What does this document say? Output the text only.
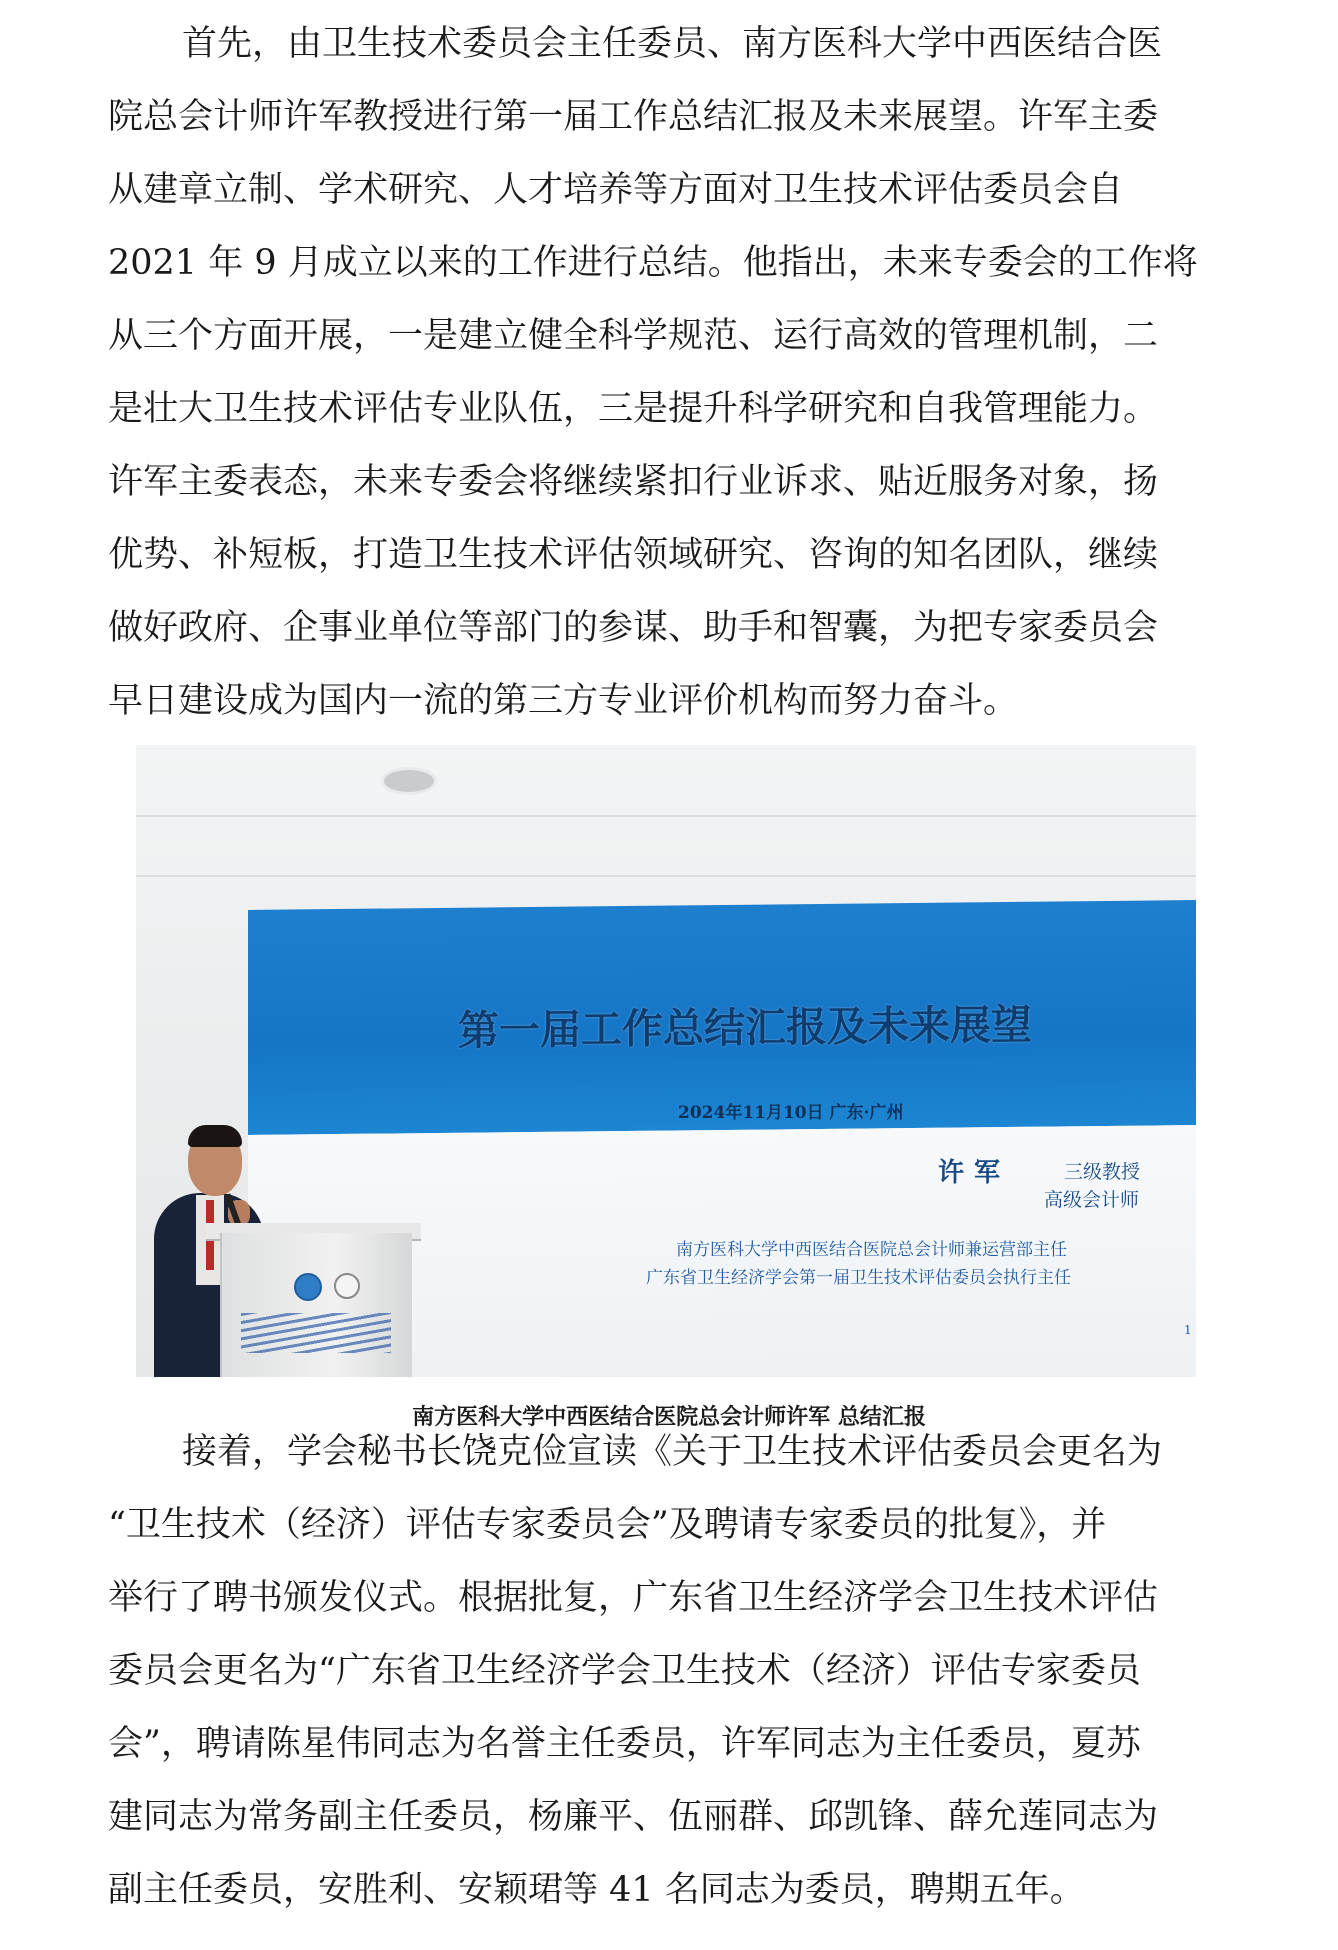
首先，由卫生技术委员会主任委员、南方医科大学中西医结合医
院总会计师许军教授进行第一届工作总结汇报及未来展望。许军主委
从建章立制、学术研究、人才培养等方面对卫生技术评估委员会自
2021 年 9 月成立以来的工作进行总结。他指出，未来专委会的工作将
从三个方面开展，一是建立健全科学规范、运行高效的管理机制，二
是壮大卫生技术评估专业队伍，三是提升科学研究和自我管理能力。
许军主委表态，未来专委会将继续紧扣行业诉求、贴近服务对象，扬
优势、补短板，打造卫生技术评估领域研究、咨询的知名团队，继续
做好政府、企事业单位等部门的参谋、助手和智囊，为把专家委员会
早日建设成为国内一流的第三方专业评价机构而努力奋斗。
第一届工作总结汇报及未来展望
2024年11月10日 广东·广州
许军	三级教授
高级会计师
南方医科大学中西医结合医院总会计师兼运营部主任
广东省卫生经济学会第一届卫生技术评估委员会执行主任
1
南方医科大学中西医结合医院总会计师许军 总结汇报
接着，学会秘书长饶克俭宣读《关于卫生技术评估委员会更名为
“卫生技术（经济）评估专家委员会”及聘请专家委员的批复》，并
举行了聘书颁发仪式。根据批复，广东省卫生经济学会卫生技术评估
委员会更名为“广东省卫生经济学会卫生技术（经济）评估专家委员
会”，聘请陈星伟同志为名誉主任委员，许军同志为主任委员，夏苏
建同志为常务副主任委员，杨廉平、伍丽群、邱凯锋、薛允莲同志为
副主任委员，安胜利、安颖珺等 41 名同志为委员，聘期五年。
